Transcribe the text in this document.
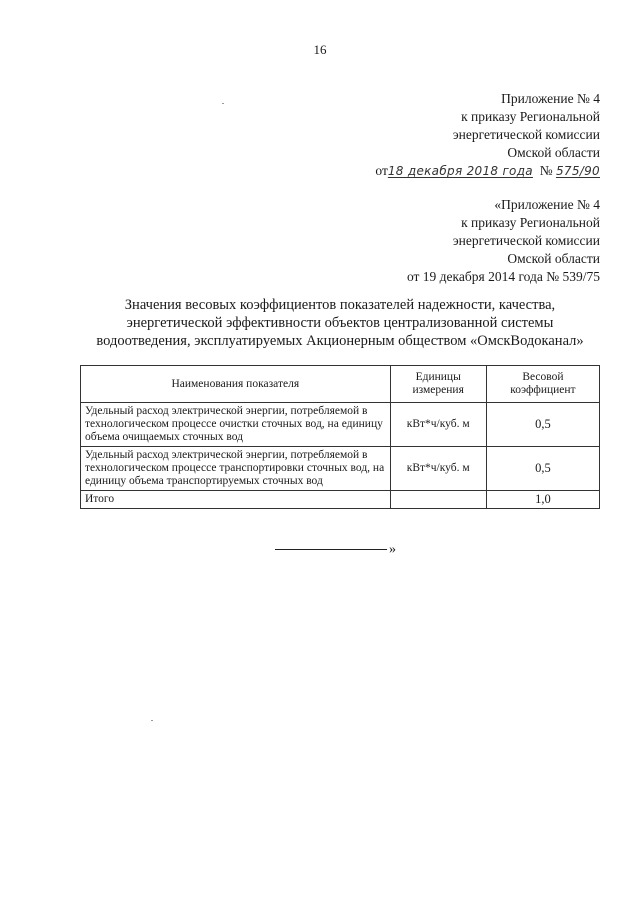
16
Приложение № 4
к приказу Региональной
энергетической комиссии
Омской области
от18 декабря 2018 года № 575/90
«Приложение № 4
к приказу Региональной
энергетической комиссии
Омской области
от 19 декабря 2014 года № 539/75
Значения весовых коэффициентов показателей надежности, качества,
энергетической эффективности объектов централизованной системы
водоотведения, эксплуатируемых Акционерным обществом «ОмскВодоканал»
Наименования показателя	Единицы измерения	Весовой коэффициент
Удельный расход электрической энергии, потребляемой в технологическом процессе очистки сточных вод, на единицу объема очищаемых сточных вод	кВт*ч/куб. м	0,5
Удельный расход электрической энергии, потребляемой в технологическом процессе транспортировки сточных вод, на единицу объема транспортируемых сточных вод	кВт*ч/куб. м	0,5
Итого		1,0
»
